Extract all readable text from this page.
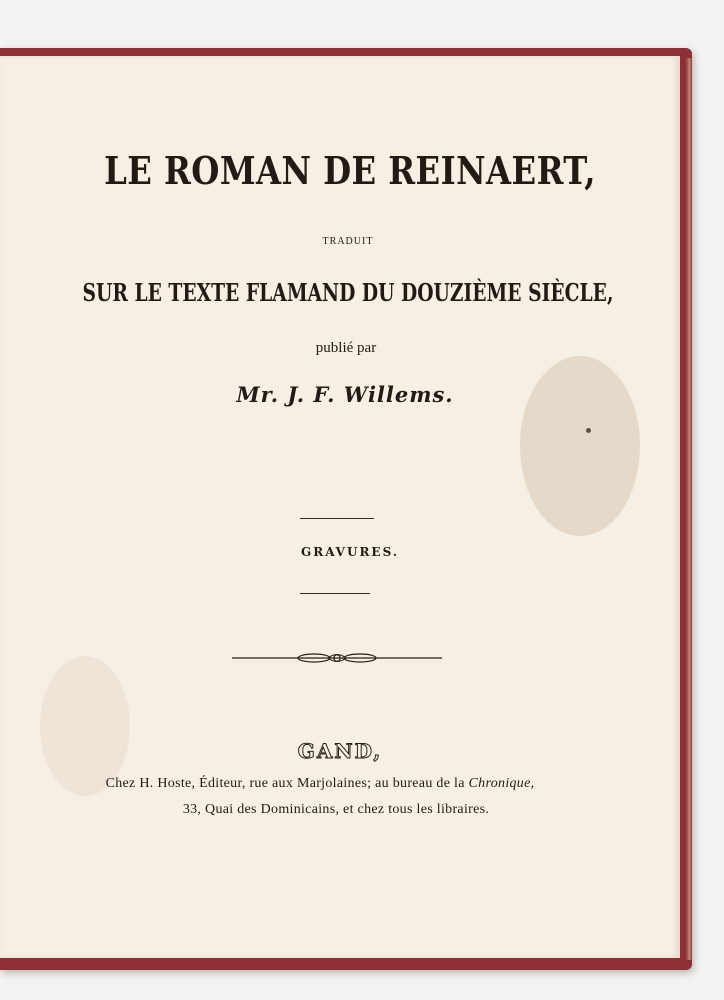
LE ROMAN DE REINAERT,
TRADUIT
SUR LE TEXTE FLAMAND DU DOUZIÈME SIÈCLE,
publié par
Mr. J. F. Willems.
GRAVURES.
GAND,
Chez H. Hoste, Éditeur, rue aux Marjolaines; au bureau de la Chronique,
33, Quai des Dominicains, et chez tous les libraires.
